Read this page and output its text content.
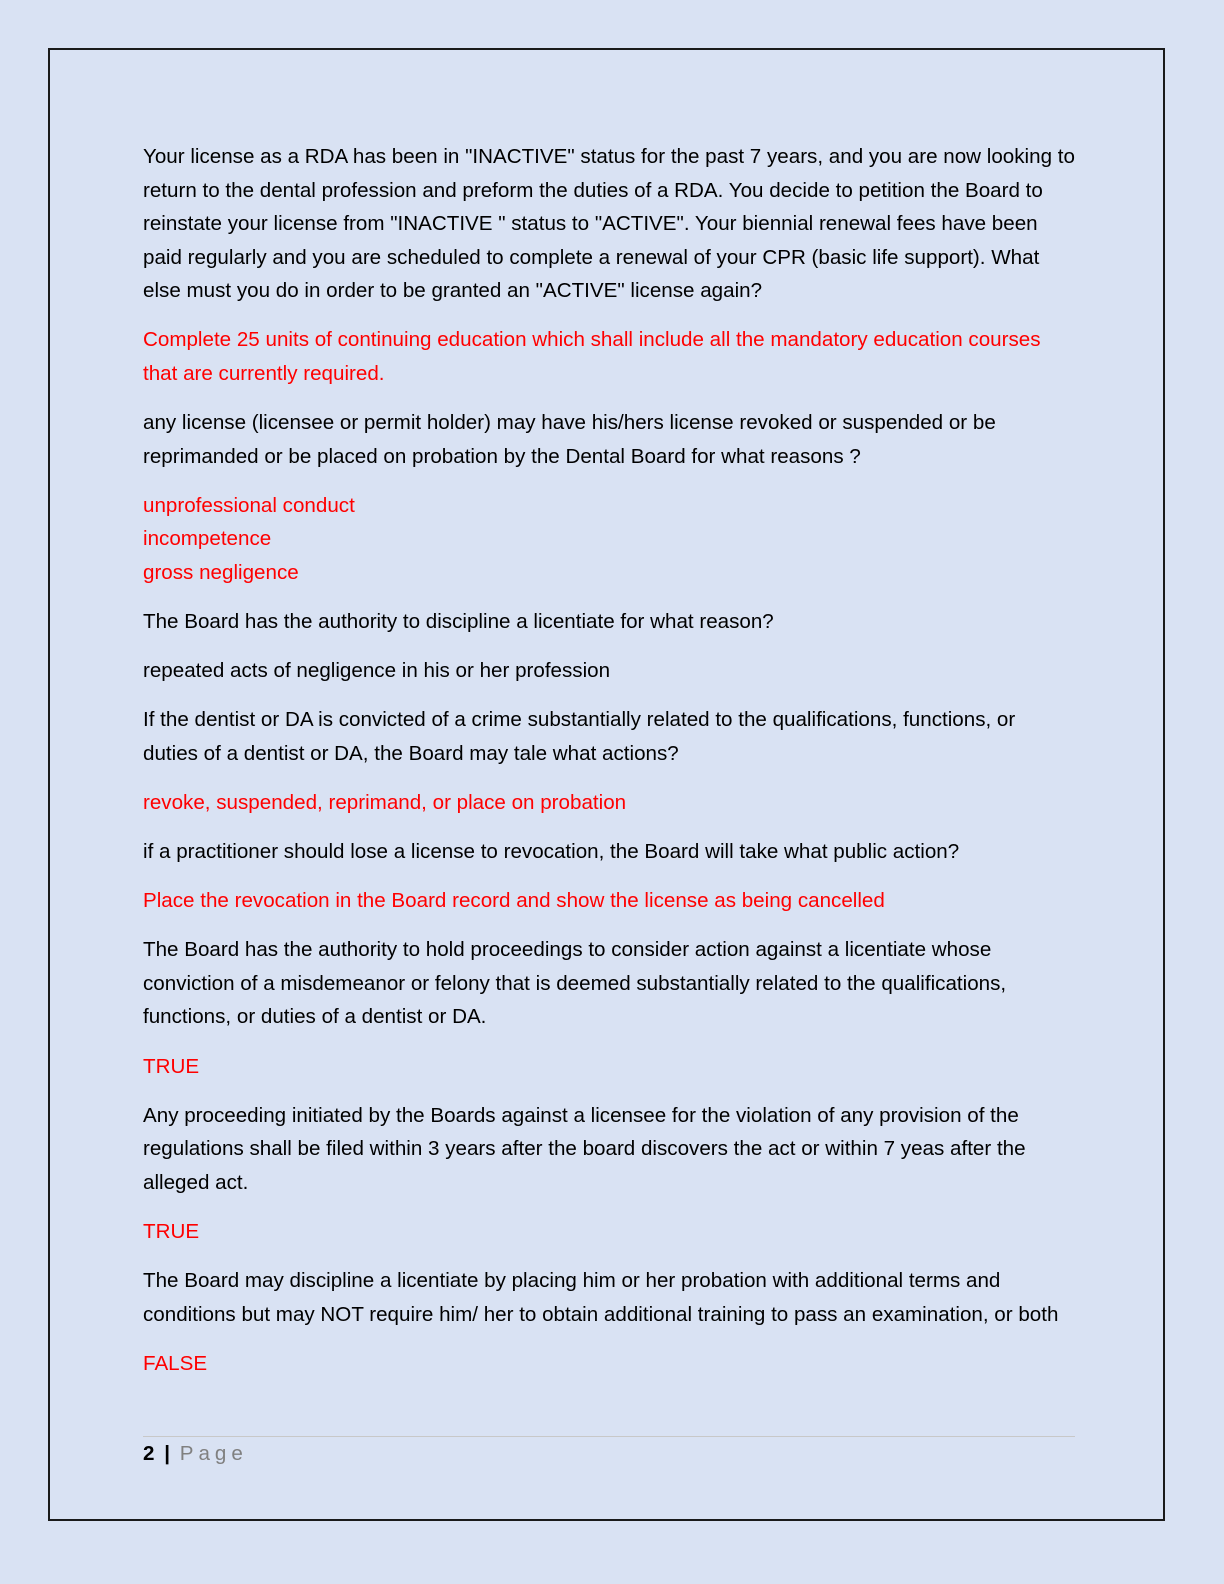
Your license as a RDA has been in "INACTIVE" status for the past 7 years, and you are now looking to return to the dental profession and preform the duties of a RDA. You decide to petition the Board to reinstate your license from "INACTIVE " status to "ACTIVE". Your biennial renewal fees have been paid regularly and you are scheduled to complete a renewal of your CPR (basic life support). What else must you do in order to be granted an "ACTIVE" license again?

Complete 25 units of continuing education which shall include all the mandatory education courses that are currently required.

any license (licensee or permit holder) may have his/hers license revoked or suspended or be reprimanded or be placed on probation by the Dental Board for what reasons ?

unprofessional conduct
incompetence
gross negligence

The Board has the authority to discipline a licentiate for what reason?

repeated acts of negligence in his or her profession

If the dentist or DA is convicted of a crime substantially related to the qualifications, functions, or duties of a dentist or DA, the Board may tale what actions?

revoke, suspended, reprimand, or place on probation

if a practitioner should lose a license to revocation, the Board will take what public action?

Place the revocation in the Board record and show the license as being cancelled

The Board has the authority to hold proceedings to consider action against a licentiate whose conviction of a misdemeanor or felony that is deemed substantially related to the qualifications, functions, or duties of a dentist or DA.

TRUE

Any proceeding initiated by the Boards against a licensee for the violation of any provision of the regulations shall be filed within 3 years after the board discovers the act or within 7 yeas after the alleged act.

TRUE

The Board may discipline a licentiate by placing him or her probation with additional terms and conditions but may NOT require him/ her to obtain additional training to pass an examination, or both

FALSE

2 | Page
